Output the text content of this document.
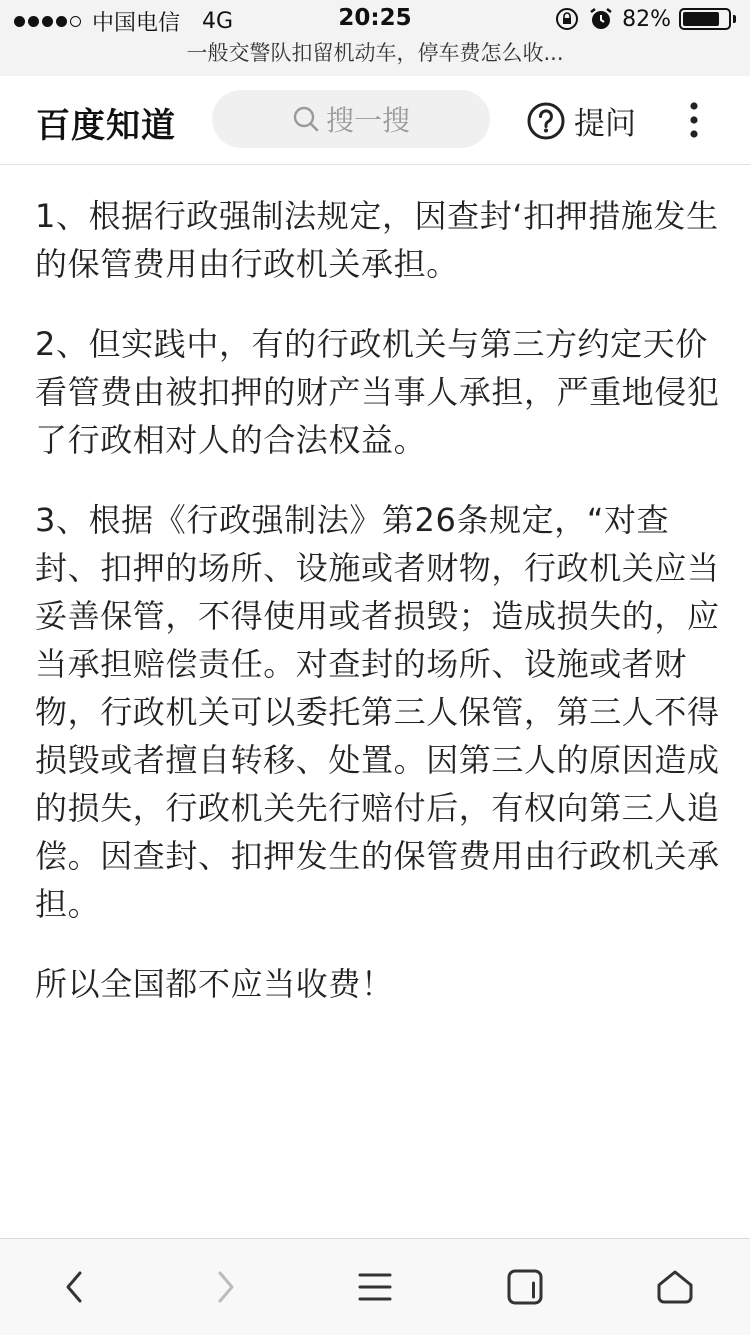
中国电信 4G	20:25	82%
一般交警队扣留机动车，停车费怎么收...
百度知道	搜一搜	提问

1、根据行政强制法规定，因查封‘扣押措施发生的保管费用由行政机关承担。

2、但实践中，有的行政机关与第三方约定天价看管费由被扣押的财产当事人承担，严重地侵犯了行政相对人的合法权益。

3、根据《行政强制法》第26条规定，“对查封、扣押的场所、设施或者财物，行政机关应当妥善保管，不得使用或者损毁；造成损失的，应当承担赔偿责任。对查封的场所、设施或者财物，行政机关可以委托第三人保管，第三人不得损毁或者擅自转移、处置。因第三人的原因造成的损失，行政机关先行赔付后，有权向第三人追偿。因查封、扣押发生的保管费用由行政机关承担。

所以全国都不应当收费！
